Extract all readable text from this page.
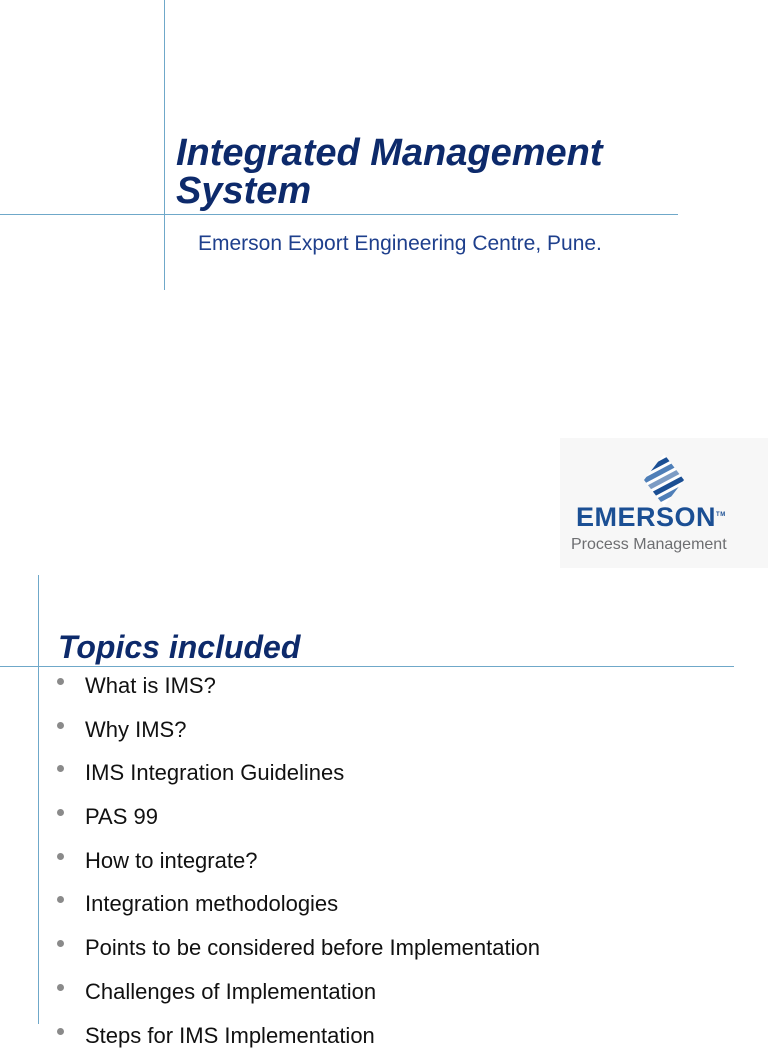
Integrated Management System
Emerson Export Engineering Centre, Pune.
EMERSON™
Process Management
Topics included
What is IMS?
Why IMS?
IMS Integration Guidelines
PAS 99
How to integrate?
Integration methodologies
Points to be considered before Implementation
Challenges of Implementation
Steps for IMS Implementation
